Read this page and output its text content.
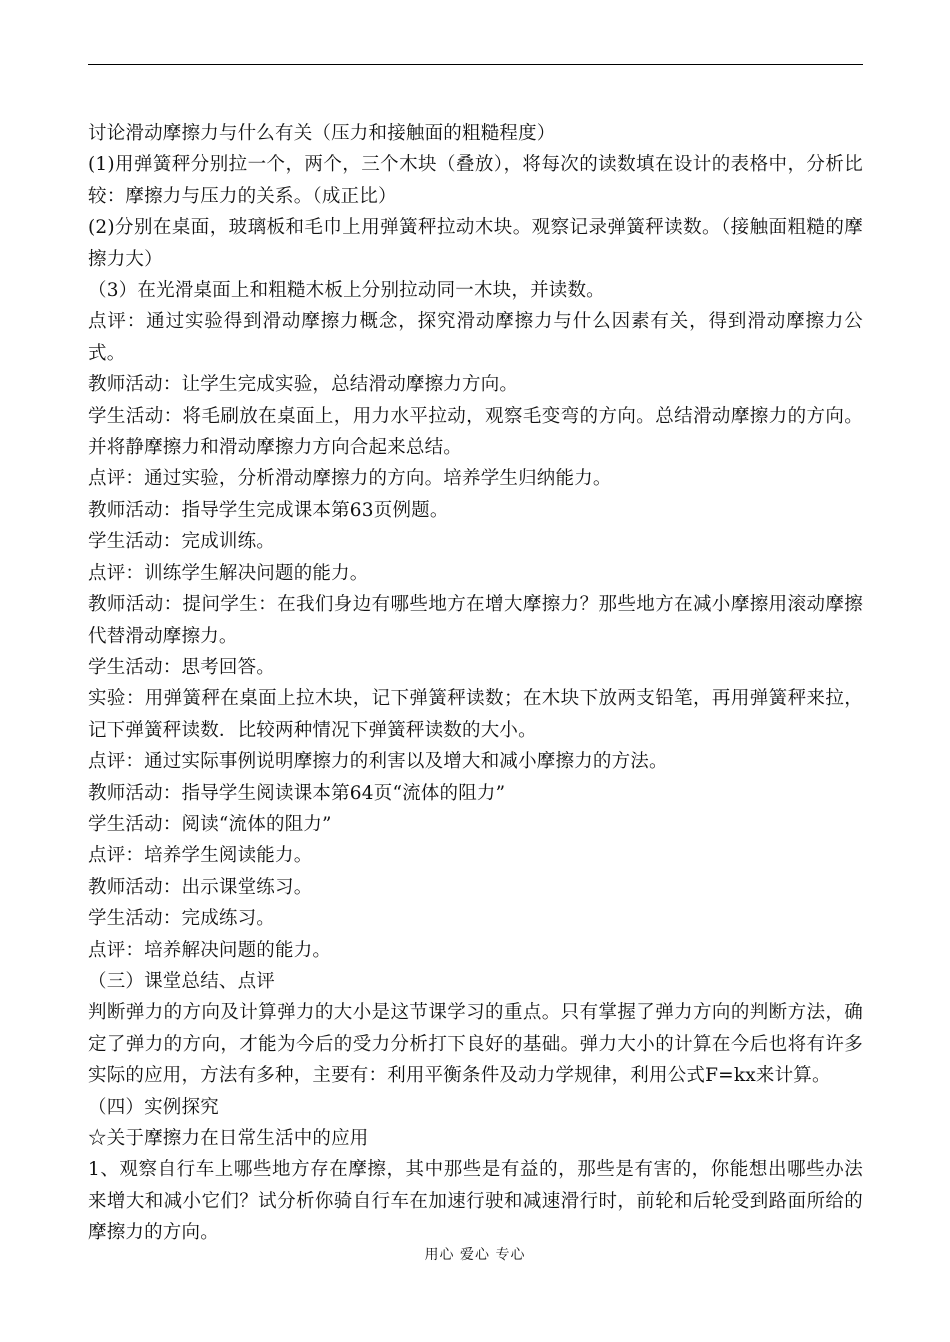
讨论滑动摩擦力与什么有关（压力和接触面的粗糙程度）

(1)用弹簧秤分别拉一个，两个，三个木块（叠放），将每次的读数填在设计的表格中，分析比较：摩擦力与压力的关系。（成正比）

(2)分别在桌面，玻璃板和毛巾上用弹簧秤拉动木块。观察记录弹簧秤读数。（接触面粗糙的摩擦力大）

（3）在光滑桌面上和粗糙木板上分别拉动同一木块，并读数。

点评：通过实验得到滑动摩擦力概念，探究滑动摩擦力与什么因素有关，得到滑动摩擦力公式。

教师活动：让学生完成实验，总结滑动摩擦力方向。

学生活动：将毛刷放在桌面上，用力水平拉动，观察毛变弯的方向。总结滑动摩擦力的方向。并将静摩擦力和滑动摩擦力方向合起来总结。

点评：通过实验，分析滑动摩擦力的方向。培养学生归纳能力。

教师活动：指导学生完成课本第63页例题。

学生活动：完成训练。

点评：训练学生解决问题的能力。

教师活动：提问学生：在我们身边有哪些地方在增大摩擦力？那些地方在减小摩擦用滚动摩擦代替滑动摩擦力。

学生活动：思考回答。

实验：用弹簧秤在桌面上拉木块，记下弹簧秤读数；在木块下放两支铅笔，再用弹簧秤来拉，记下弹簧秤读数．比较两种情况下弹簧秤读数的大小。

点评：通过实际事例说明摩擦力的利害以及增大和减小摩擦力的方法。

教师活动：指导学生阅读课本第64页“流体的阻力”

学生活动：阅读“流体的阻力”

点评：培养学生阅读能力。

教师活动：出示课堂练习。

学生活动：完成练习。

点评：培养解决问题的能力。

（三）课堂总结、点评

判断弹力的方向及计算弹力的大小是这节课学习的重点。只有掌握了弹力方向的判断方法，确定了弹力的方向，才能为今后的受力分析打下良好的基础。弹力大小的计算在今后也将有许多实际的应用，方法有多种，主要有：利用平衡条件及动力学规律，利用公式F=kx来计算。

（四）实例探究

☆关于摩擦力在日常生活中的应用

1、观察自行车上哪些地方存在摩擦，其中那些是有益的，那些是有害的，你能想出哪些办法来增大和减小它们？试分析你骑自行车在加速行驶和减速滑行时，前轮和后轮受到路面所给的摩擦力的方向。

用心 爱心 专心
